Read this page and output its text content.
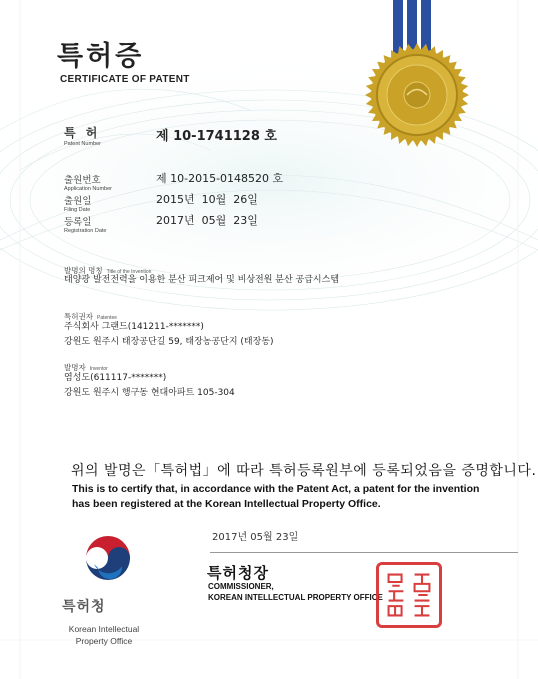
특허증
CERTIFICATE OF PATENT
특 허
Patent Number	제 10-1741128 호
출원번호
Application Number
제 10-2015-0148520 호
출원일
Filing Date
2015년  10월  26일
등록일
Registration Date
2017년  05월  23일
발명의 명칭 Title of the Invention
태양광 발전전력을 이용한 분산 피크제어 및 비상전원 분산 공급시스템
특허권자 Patentee
주식회사 그랜드(141211-*******)
강원도 원주시 태장공단길 59, 태장농공단지 (태장동)
발명자 Inventor
염성도(611117-*******)
강원도 원주시 행구동 현대아파트 105-304
위의 발명은「특허법」에 따라 특허등록원부에 등록되었음을 증명합니다.
This is to certify that, in accordance with the Patent Act, a patent for the invention
has been registered at the Korean Intellectual Property Office.
특허청
Korean Intellectual
Property Office
2017년 05월 23일
특허청장
COMMISSIONER,
KOREAN INTELLECTUAL PROPERTY OFFICE
